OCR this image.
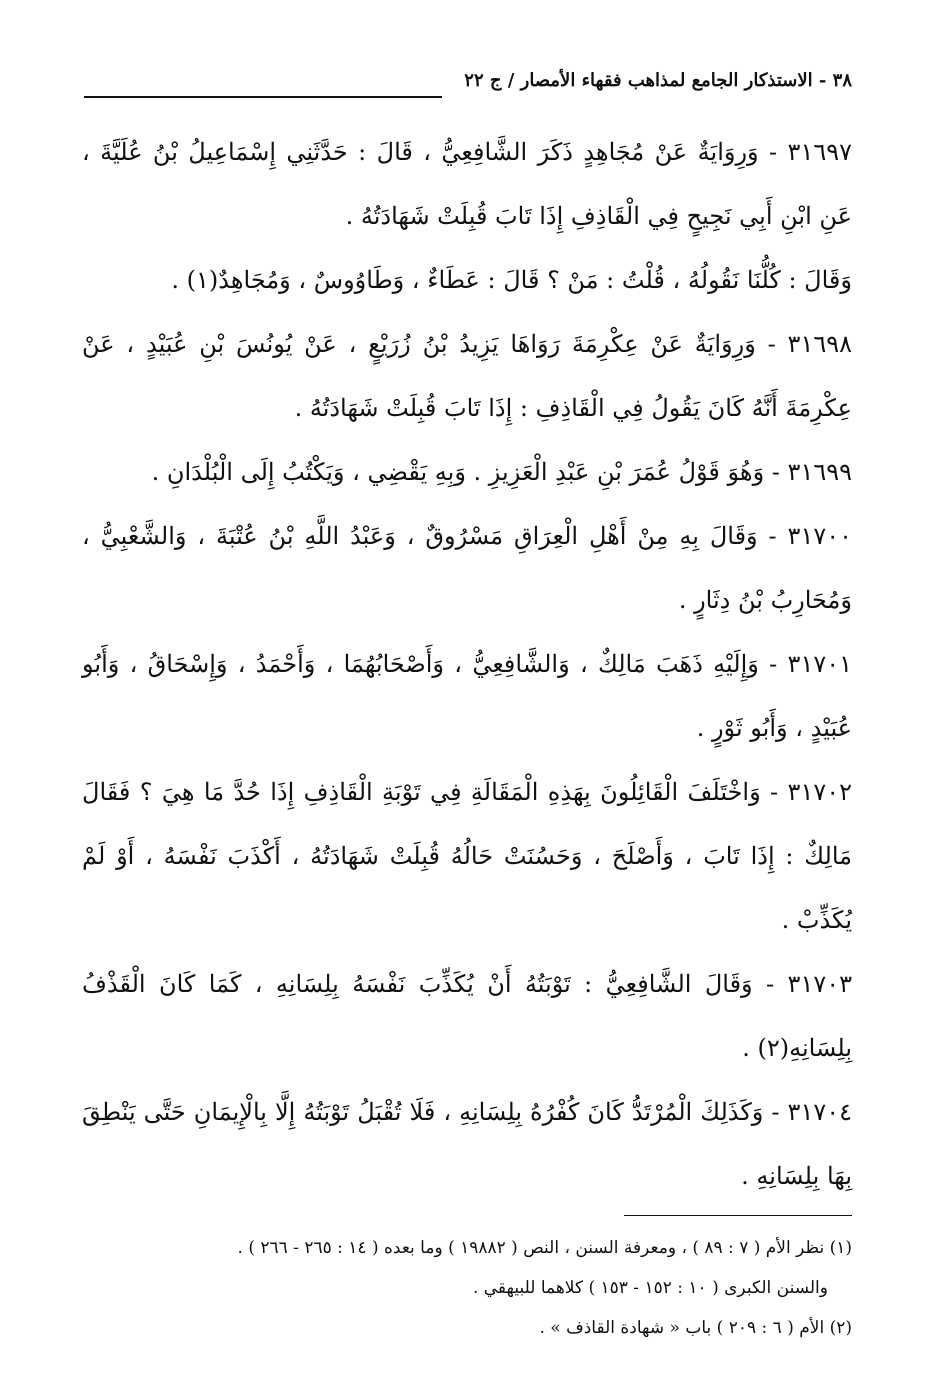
٣٨ - الاستذكار الجامع لمذاهب فقهاء الأمصار / ج ٢٢

٣١٦٩٧ - وَرِوَايَةٌ عَنْ مُجَاهِدٍ ذَكَرَ الشَّافِعِيُّ ، قَالَ : حَدَّثَنِي إِسْمَاعِيلُ بْنُ عُلَيَّةَ ، عَنِ ابْنِ أَبِي نَجِيحٍ فِي الْقَاذِفِ إِذَا تَابَ قُبِلَتْ شَهَادَتُهُ .

وَقَالَ : كُلُّنَا نَقُولُهُ ، قُلْتُ : مَنْ ؟ قَالَ : عَطَاءٌ ، وَطَاوُوسٌ ، وَمُجَاهِدٌ(١) .

٣١٦٩٨ - وَرِوَايَةٌ عَنْ عِكْرِمَةَ رَوَاهَا يَزِيدُ بْنُ زُرَيْعٍ ، عَنْ يُونُسَ بْنِ عُبَيْدٍ ، عَنْ عِكْرِمَةَ أَنَّهُ كَانَ يَقُولُ فِي الْقَاذِفِ : إِذَا تَابَ قُبِلَتْ شَهَادَتُهُ .

٣١٦٩٩ - وَهُوَ قَوْلُ عُمَرَ بْنِ عَبْدِ الْعَزِيزِ . وَبِهِ يَقْضِي ، وَيَكْتُبُ إِلَى الْبُلْدَانِ .

٣١٧٠٠ - وَقَالَ بِهِ مِنْ أَهْلِ الْعِرَاقِ مَسْرُوقٌ ، وَعَبْدُ اللَّهِ بْنُ عُتْبَةَ ، وَالشَّعْبِيُّ ، وَمُحَارِبُ بْنُ دِثَارٍ .

٣١٧٠١ - وَإِلَيْهِ ذَهَبَ مَالِكٌ ، وَالشَّافِعِيُّ ، وَأَصْحَابُهُمَا ، وَأَحْمَدُ ، وَإِسْحَاقُ ، وَأَبُو عُبَيْدٍ ، وَأَبُو ثَوْرٍ .

٣١٧٠٢ - وَاخْتَلَفَ الْقَائِلُونَ بِهَذِهِ الْمَقَالَةِ فِي تَوْبَةِ الْقَاذِفِ إِذَا حُدَّ مَا هِيَ ؟ فَقَالَ مَالِكٌ : إِذَا تَابَ ، وَأَصْلَحَ ، وَحَسُنَتْ حَالُهُ قُبِلَتْ شَهَادَتُهُ ، أَكْذَبَ نَفْسَهُ ، أَوْ لَمْ يُكَذِّبْ .

٣١٧٠٣ - وَقَالَ الشَّافِعِيُّ : تَوْبَتُهُ أَنْ يُكَذِّبَ نَفْسَهُ بِلِسَانِهِ ، كَمَا كَانَ الْقَذْفُ بِلِسَانِهِ(٢) .

٣١٧٠٤ - وَكَذَلِكَ الْمُرْتَدُّ كَانَ كُفْرُهُ بِلِسَانِهِ ، فَلَا تُقْبَلُ تَوْبَتُهُ إِلَّا بِالْإِيمَانِ حَتَّى يَنْطِقَ بِهَا بِلِسَانِهِ .

(١) نظر الأم ( ٧ : ٨٩ ) ، ومعرفة السنن ، النص ( ١٩٨٨٢ ) وما بعده ( ١٤ : ٢٦٥ - ٢٦٦ ) .

والسنن الكبرى ( ١٠ : ١٥٢ - ١٥٣ ) كلاهما للبيهقي .

(٢) الأم ( ٦ : ٢٠٩ ) باب « شهادة القاذف » .
